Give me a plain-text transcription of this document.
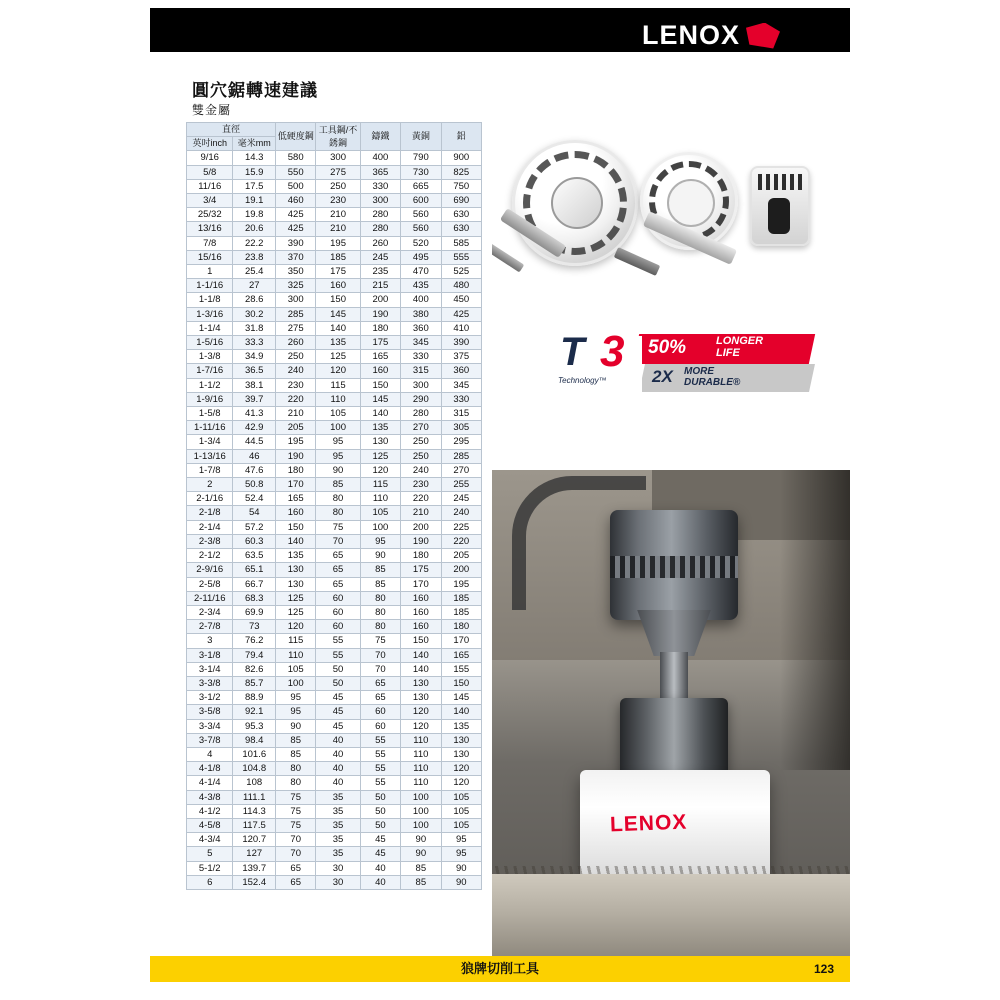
LENOX
圓穴鋸轉速建議
雙金屬
直徑		低硬度鋼	工具鋼/不銹鋼	鑄鐵	黃銅	鋁
英吋inch	毫米mm					
9/16	14.3	580	300	400	790	900
5/8	15.9	550	275	365	730	825
11/16	17.5	500	250	330	665	750
3/4	19.1	460	230	300	600	690
25/32	19.8	425	210	280	560	630
13/16	20.6	425	210	280	560	630
7/8	22.2	390	195	260	520	585
15/16	23.8	370	185	245	495	555
1	25.4	350	175	235	470	525
1-1/16	27	325	160	215	435	480
1-1/8	28.6	300	150	200	400	450
1-3/16	30.2	285	145	190	380	425
1-1/4	31.8	275	140	180	360	410
1-5/16	33.3	260	135	175	345	390
1-3/8	34.9	250	125	165	330	375
1-7/16	36.5	240	120	160	315	360
1-1/2	38.1	230	115	150	300	345
1-9/16	39.7	220	110	145	290	330
1-5/8	41.3	210	105	140	280	315
1-11/16	42.9	205	100	135	270	305
1-3/4	44.5	195	95	130	250	295
1-13/16	46	190	95	125	250	285
1-7/8	47.6	180	90	120	240	270
2	50.8	170	85	115	230	255
2-1/16	52.4	165	80	110	220	245
2-1/8	54	160	80	105	210	240
2-1/4	57.2	150	75	100	200	225
2-3/8	60.3	140	70	95	190	220
2-1/2	63.5	135	65	90	180	205
2-9/16	65.1	130	65	85	175	200
2-5/8	66.7	130	65	85	170	195
2-11/16	68.3	125	60	80	160	185
2-3/4	69.9	125	60	80	160	185
2-7/8	73	120	60	80	160	180
3	76.2	115	55	75	150	170
3-1/8	79.4	110	55	70	140	165
3-1/4	82.6	105	50	70	140	155
3-3/8	85.7	100	50	65	130	150
3-1/2	88.9	95	45	65	130	145
3-5/8	92.1	95	45	60	120	140
3-3/4	95.3	90	45	60	120	135
3-7/8	98.4	85	40	55	110	130
4	101.6	85	40	55	110	130
4-1/8	104.8	80	40	55	110	120
4-1/4	108	80	40	55	110	120
4-3/8	111.1	75	35	50	100	105
4-1/2	114.3	75	35	50	100	105
4-5/8	117.5	75	35	50	100	105
4-3/4	120.7	70	35	45	90	95
5	127	70	35	45	90	95
5-1/2	139.7	65	30	40	85	90
6	152.4	65	30	40	85	90
T 3
Technology™
50%	LONGER
LIFE
2X MORE
DURABLE®
LENOX
狼牌切削工具	123
